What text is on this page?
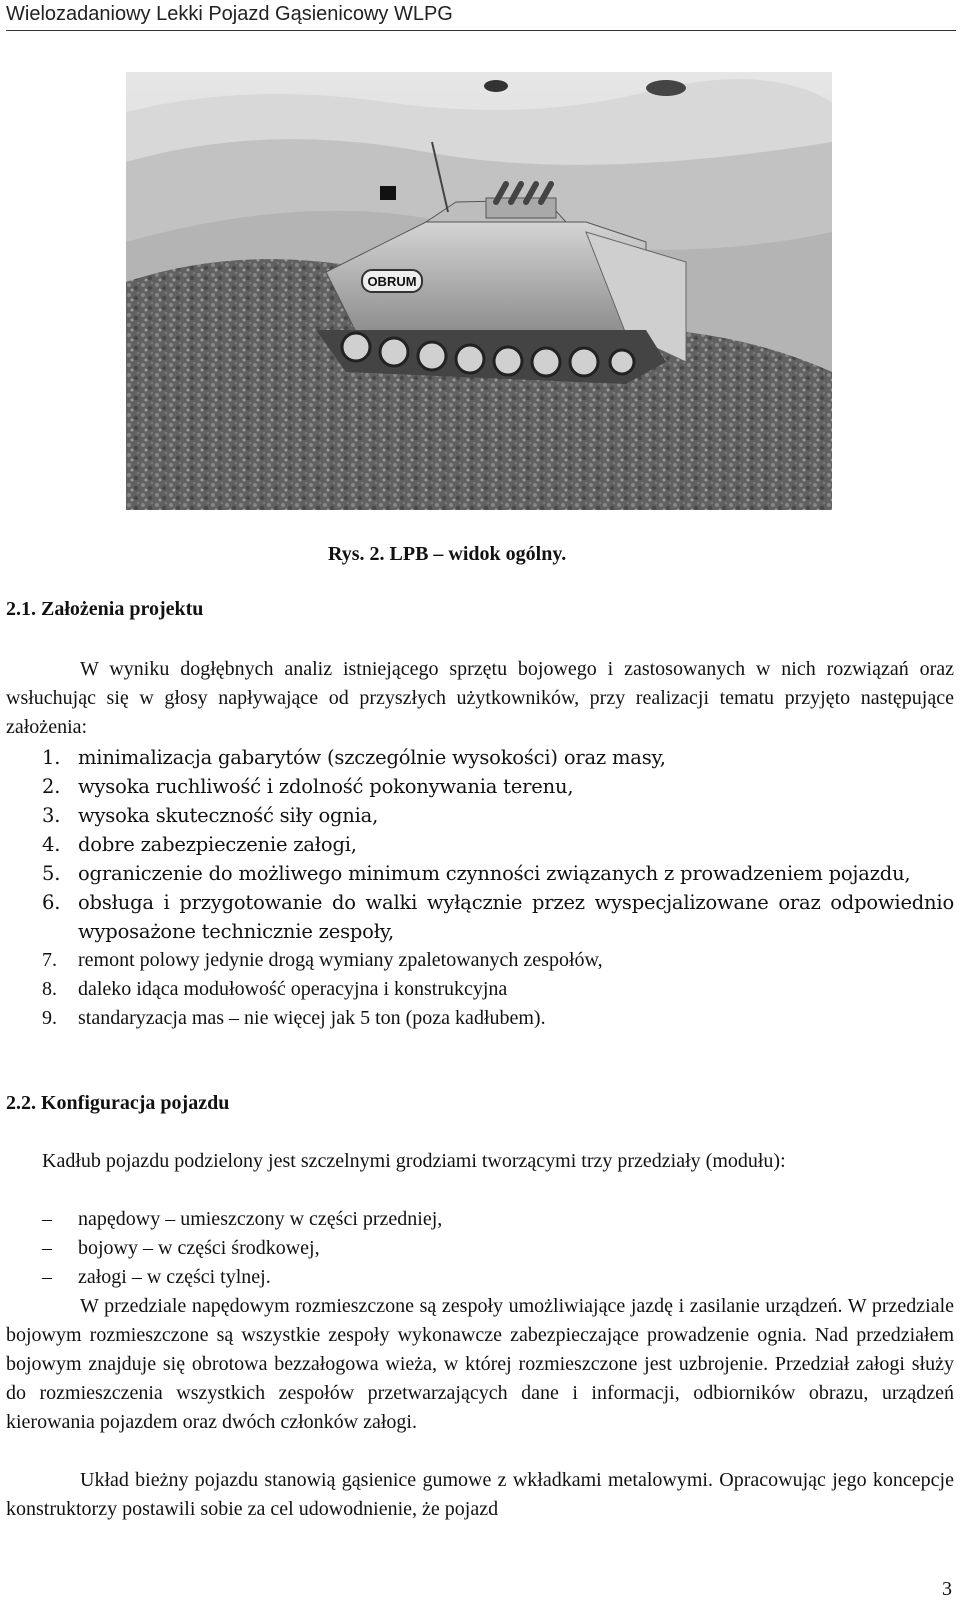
Wielozadaniowy Lekki Pojazd Gąsienicowy WLPG
OBRUM
Rys. 2. LPB – widok ogólny.
2.1. Założenia projektu

W wyniku dogłębnych analiz istniejącego sprzętu bojowego i zastosowanych w nich rozwiązań oraz wsłuchując się w głosy napływające od przyszłych użytkowników, przy realizacji tematu przyjęto następujące założenia:

1. minimalizacja gabarytów (szczególnie wysokości) oraz masy,
2. wysoka ruchliwość i zdolność pokonywania terenu,
3. wysoka skuteczność siły ognia,
4. dobre zabezpieczenie załogi,
5. ograniczenie do możliwego minimum czynności związanych z prowadzeniem pojazdu,
6. obsługa i przygotowanie do walki wyłącznie przez wyspecjalizowane oraz odpowiednio wyposażone technicznie zespoły,
7. remont polowy jedynie drogą wymiany zpaletowanych zespołów,
8. daleko idąca modułowość operacyjna i konstrukcyjna
9. standaryzacja mas – nie więcej jak 5 ton (poza kadłubem).
2.2. Konfiguracja pojazdu

Kadłub pojazdu podzielony jest szczelnymi grodziami tworzącymi trzy przedziały (modułu):

– napędowy – umieszczony w części przedniej,
– bojowy – w części środkowej,
– załogi – w części tylnej.

W przedziale napędowym rozmieszczone są zespoły umożliwiające jazdę i zasilanie urządzeń. W przedziale bojowym rozmieszczone są wszystkie zespoły wykonawcze zabezpieczające prowadzenie ognia. Nad przedziałem bojowym znajduje się obrotowa bezzałogowa wieża, w której rozmieszczone jest uzbrojenie. Przedział załogi służy do rozmieszczenia wszystkich zespołów przetwarzających dane i informacji, odbiorników obrazu, urządzeń kierowania pojazdem oraz dwóch członków załogi.

Układ bieżny pojazdu stanowią gąsienice gumowe z wkładkami metalowymi. Opracowując jego koncepcje konstruktorzy postawili sobie za cel udowodnienie, że pojazd

3
